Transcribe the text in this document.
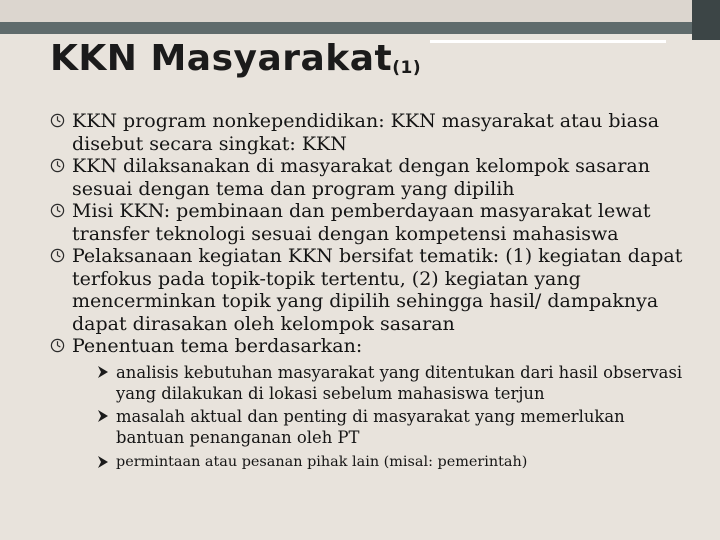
KKN Masyarakat(1)
KKN program nonkependidikan: KKN masyarakat atau biasa disebut secara singkat: KKN
KKN dilaksanakan di masyarakat dengan kelompok sasaran sesuai dengan tema dan program yang dipilih
Misi KKN: pembinaan dan pemberdayaan masyarakat lewat transfer teknologi sesuai dengan kompetensi mahasiswa
Pelaksanaan kegiatan KKN bersifat tematik: (1) kegiatan dapat terfokus pada topik-topik tertentu, (2) kegiatan yang mencerminkan topik yang dipilih sehingga hasil/ dampaknya dapat dirasakan oleh kelompok sasaran
Penentuan tema berdasarkan:
analisis kebutuhan masyarakat yang ditentukan dari hasil observasi yang dilakukan di lokasi sebelum mahasiswa terjun
masalah aktual dan penting di masyarakat yang memerlukan bantuan penanganan oleh PT
permintaan atau pesanan pihak lain (misal: pemerintah)
